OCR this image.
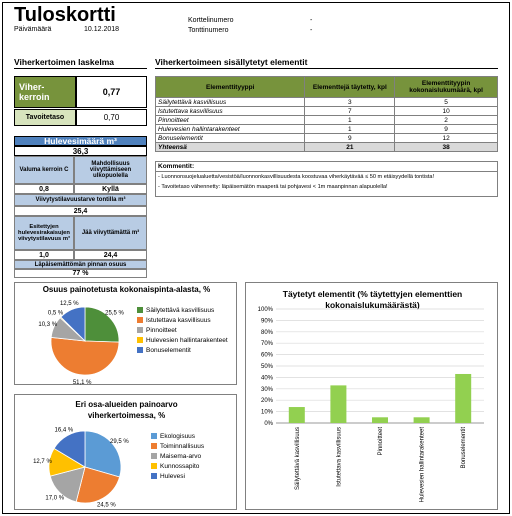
Tuloskortti
Päivämäärä	10.12.2018
Korttelinumero	-
Tonttinumero	-
Viherkertoimen laskelma
Viher- kerroin	0,77
Tavoitetaso	0,70
Hulevesimäärä m³
36,3
Valuma kerroin C
Mahdollisuus viivyttämiseen ulkopuolella
0,8	Kyllä
Viivytystilavuustarve tontilla m³
25,4
Esitettyjen hulevesirakaisujen viivytystilavuus m³
Jää viivyttämättä m³
1,0	24,4
Läpäisemättömän pinnan osuus
77 %
Viherkertoimeen sisällytetyt elementit
Elementtityyppi	Elementtejä täytetty, kpl	Elementtityypin kokonaislukumäärä, kpl
Säilytettävä kasvillisuus	3	5
Istutettava kasvillisuus	7	10
Pinnoitteet	1	2
Hulevesien hallintarakenteet	1	9
Bonuselementit	9	12
Yhteensä	21	38
Kommentit:
- Luonnonsuojelualuetta/vesistöä/luonnonkasvillisuudesta koostuvaa viherkäytävää ≤ 50 m etäisyydellä tontista!
- Tavoitetaso vähennetty: läpäisemätön maaperä tai pohjavesi < 1m maanpinnan alapuolella!
Osuus painotetusta kokonaispinta-alasta, %
25,5 %
51,1 %
10,3 %
0,5 %
12,5 %
Säilytettävä kasvillisuus
Istutettava kasvillisuus
Pinnoitteet
Hulevesien hallintarakenteet
Bonuselementit
Eri osa-alueiden painoarvo viherkertoimessa, %
29,5 %
24,5 %
17,0 %
12,7 %
16,4 %
Ekologisuus
Toiminnallisuus
Maisema-arvo
Kunnossapito
Hulevesi
Täytetyt elementit (% täytettyjen elementtien kokonaislukumäärästä)
0%
10%
20%
30%
40%
50%
60%
70%
80%
90%
100%
Säilytettävä kasvillisuus	Istutettava kasvillisuus	Pinnoitteet	Hulevesien hallintarakenteet	Bonuselementit
